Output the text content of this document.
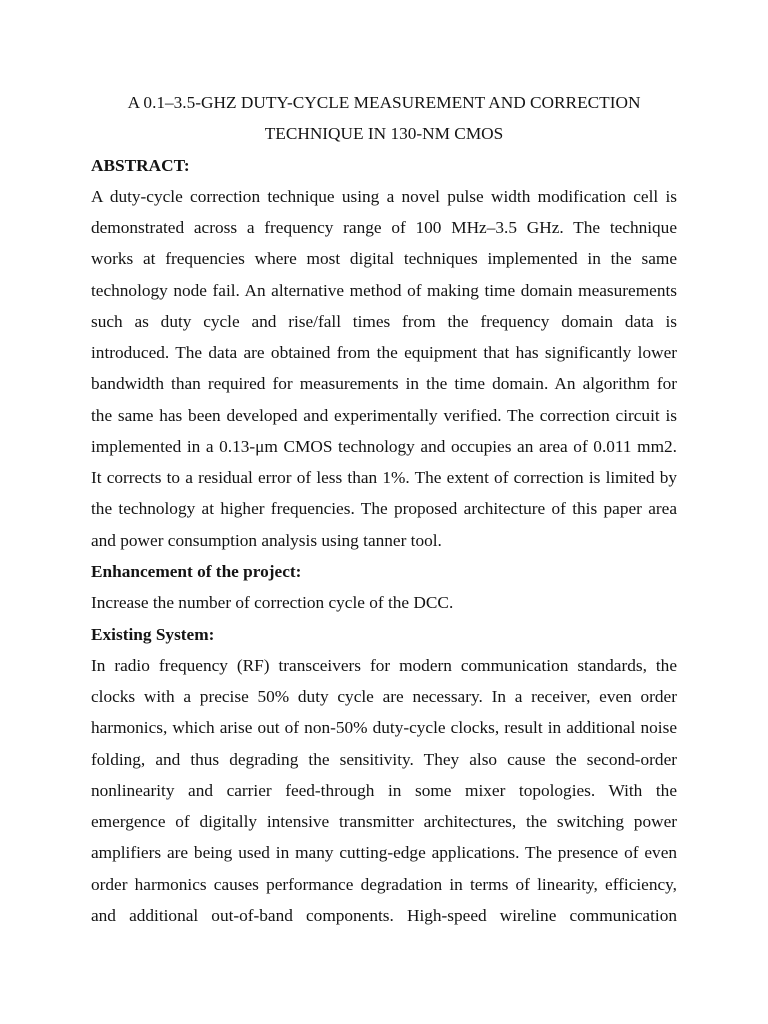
A 0.1–3.5-GHZ DUTY-CYCLE MEASUREMENT AND CORRECTION
TECHNIQUE IN 130-NM CMOS
ABSTRACT:
A duty-cycle correction technique using a novel pulse width modification cell is
demonstrated across a frequency range of 100 MHz–3.5 GHz. The technique
works at frequencies where most digital techniques implemented in the same
technology node fail. An alternative method of making time domain measurements
such as duty cycle and rise/fall times from the frequency domain data is
introduced. The data are obtained from the equipment that has significantly lower
bandwidth than required for measurements in the time domain. An algorithm for
the same has been developed and experimentally verified. The correction circuit is
implemented in a 0.13-μm CMOS technology and occupies an area of 0.011 mm2.
It corrects to a residual error of less than 1%. The extent of correction is limited by
the technology at higher frequencies. The proposed architecture of this paper area
and power consumption analysis using tanner tool.
Enhancement of the project:
Increase the number of correction cycle of the DCC.
Existing System:
In radio frequency (RF) transceivers for modern communication standards, the
clocks with a precise 50% duty cycle are necessary. In a receiver, even order
harmonics, which arise out of non-50% duty-cycle clocks, result in additional noise
folding, and thus degrading the sensitivity. They also cause the second-order
nonlinearity and carrier feed-through in some mixer topologies. With the
emergence of digitally intensive transmitter architectures, the switching power
amplifiers are being used in many cutting-edge applications. The presence of even
order harmonics causes performance degradation in terms of linearity, efficiency,
and additional out-of-band components. High-speed wireline communication
